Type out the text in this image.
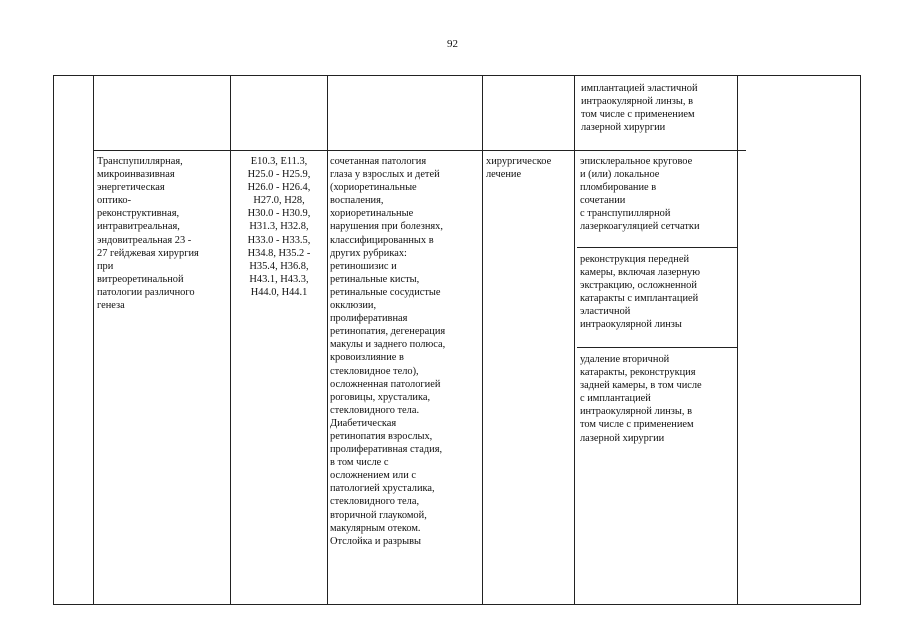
92
имплантацией эластичной
интраокулярной линзы, в
том числе с применением
лазерной хирургии
Транспупиллярная,
микроинвазивная
энергетическая
оптико-
реконструктивная,
интравитреальная,
эндовитреальная 23 -
27 гейджевая хирургия
при
витреоретинальной
патологии различного
генеза
E10.3, E11.3,
H25.0 - H25.9,
H26.0 - H26.4,
H27.0, H28,
H30.0 - H30.9,
H31.3, H32.8,
H33.0 - H33.5,
H34.8, H35.2 -
H35.4, H36.8,
H43.1, H43.3,
H44.0, H44.1
сочетанная патология
глаза у взрослых и детей
(хориоретинальные
воспаления,
хориоретинальные
нарушения при болезнях,
классифицированных в
других рубриках:
ретиношизис и
ретинальные кисты,
ретинальные сосудистые
окклюзии,
пролиферативная
ретинопатия, дегенерация
макулы и заднего полюса,
кровоизлияние в
стекловидное тело),
осложненная патологией
роговицы, хрусталика,
стекловидного тела.
Диабетическая
ретинопатия взрослых,
пролиферативная стадия,
в том числе с
осложнением или с
патологией хрусталика,
стекловидного тела,
вторичной глаукомой,
макулярным отеком.
Отслойка и разрывы
хирургическое
лечение
эписклеральное круговое
и (или) локальное
пломбирование в
сочетании
с транспупиллярной
лазеркоагуляцией сетчатки
реконструкция передней
камеры, включая лазерную
экстракцию, осложненной
катаракты с имплантацией
эластичной
интраокулярной линзы
удаление вторичной
катаракты, реконструкция
задней камеры, в том числе
с имплантацией
интраокулярной линзы, в
том числе с применением
лазерной хирургии
